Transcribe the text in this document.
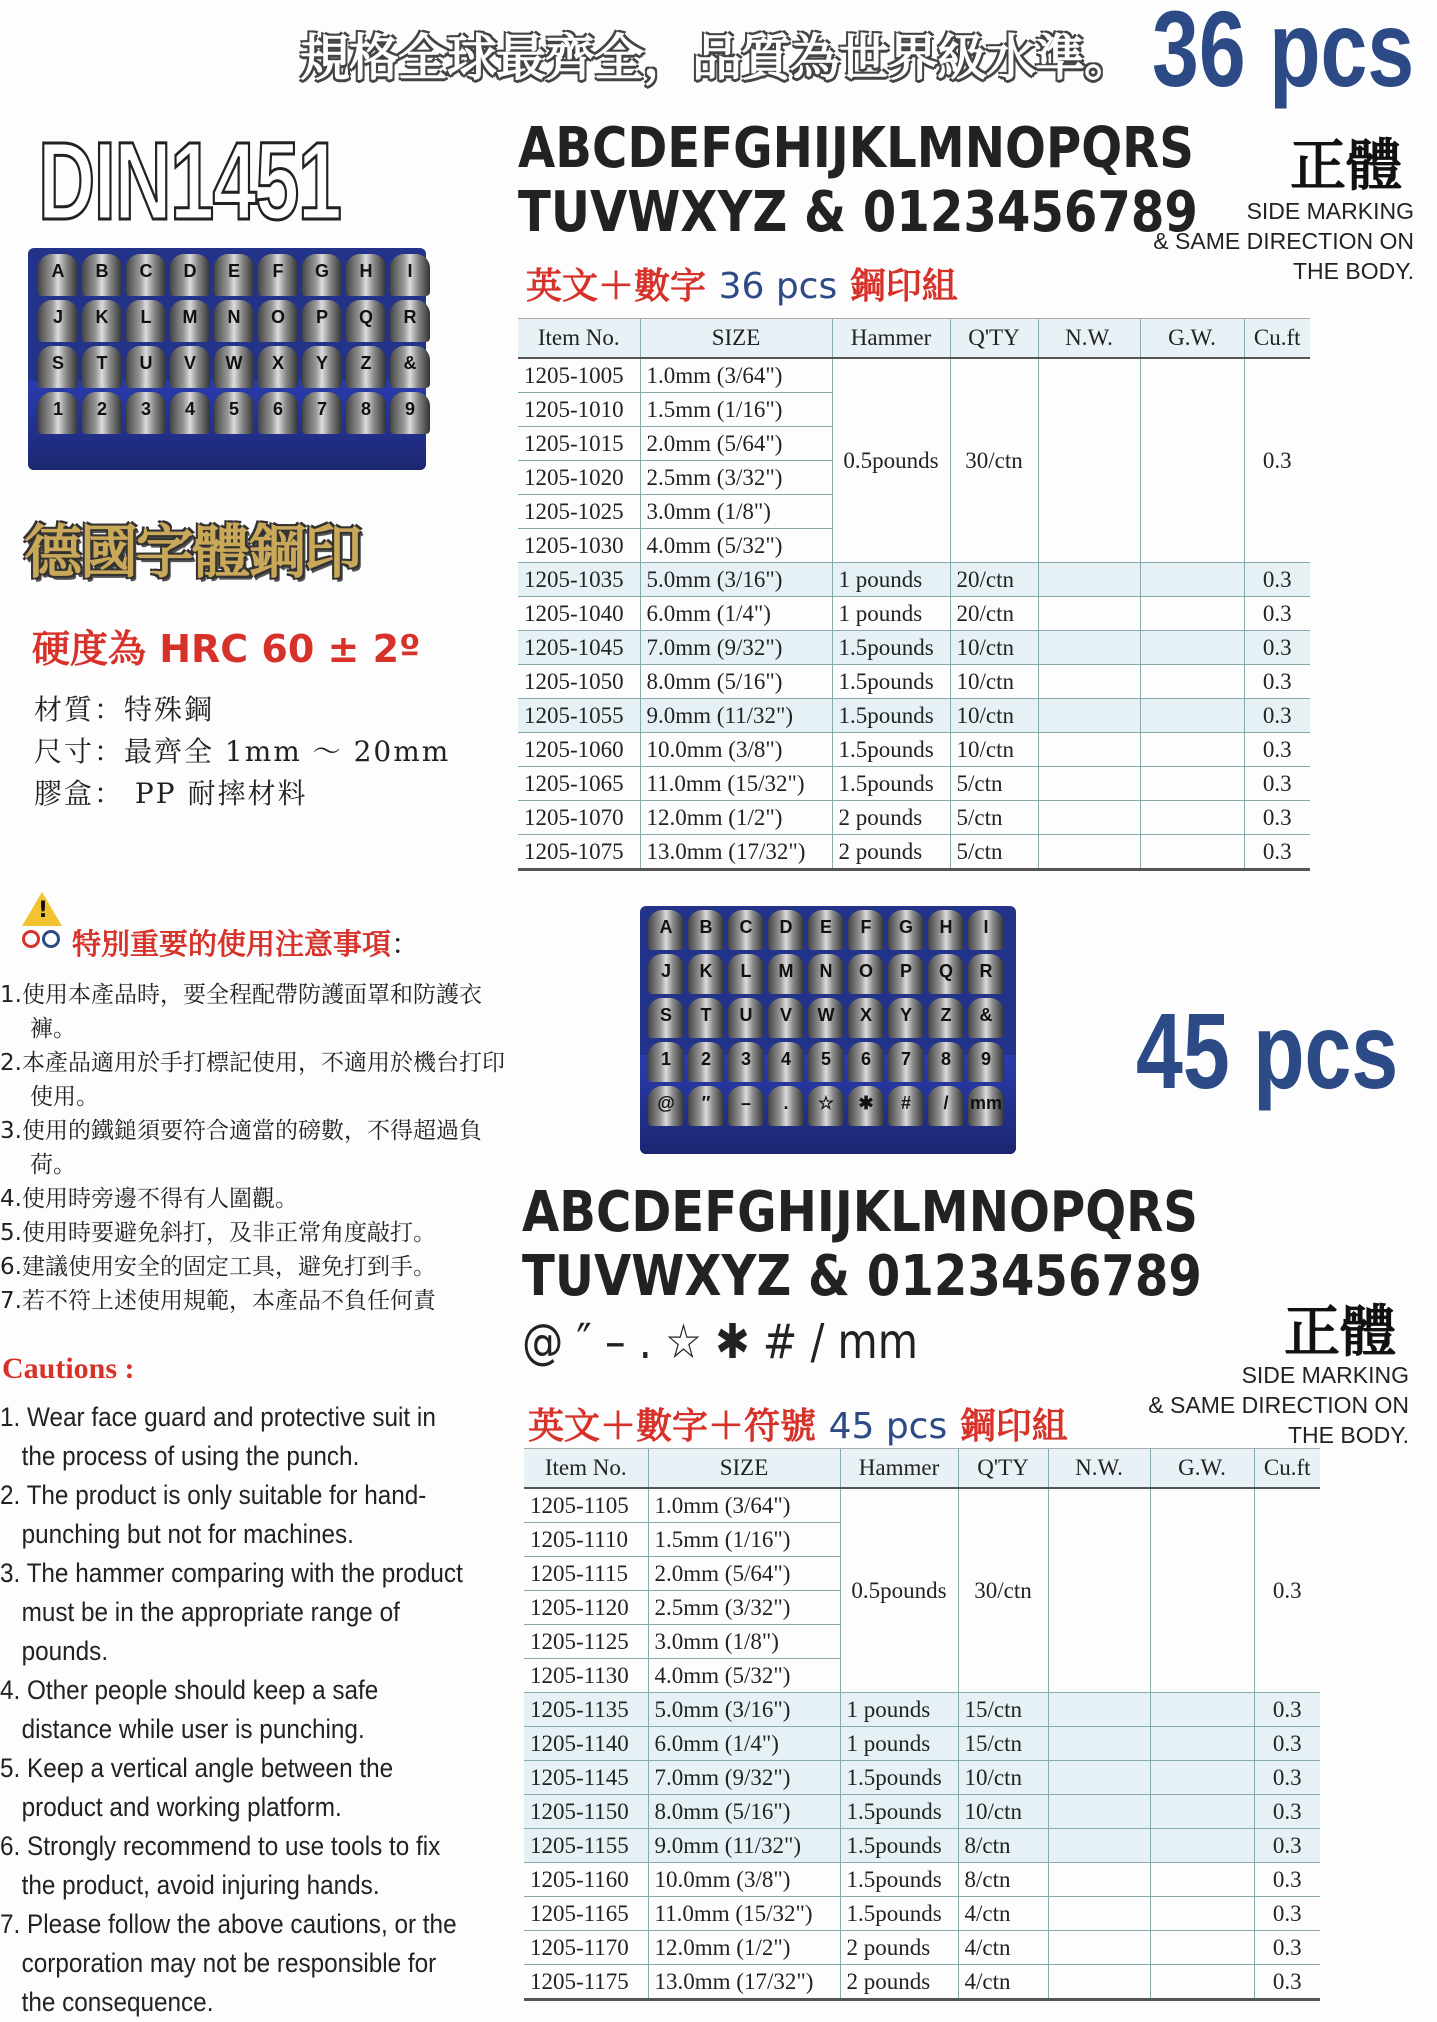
規格全球最齊全，品質為世界級水準。 36 pcs
DIN1451
A	B	C	D	E	F	G	H	I
J	K	L	M	N	O	P	Q	R
S	T	U	V	W	X	Y	Z	&
1	2	3	4	5	6	7	8	9
德國字體鋼印
硬度為 HRC 60 ± 2º
材質：特殊鋼
尺寸：最齊全 1mm ～ 20mm
膠盒： PP 耐摔材料
!
特別重要的使用注意事項：
1.使用本產品時，要全程配帶防護面罩和防護衣褲。
2.本產品適用於手打標記使用，不適用於機台打印使用。
3.使用的鐵鎚須要符合適當的磅數，不得超過負荷。
4.使用時旁邊不得有人圍觀。
5.使用時要避免斜打，及非正常角度敲打。
6.建議使用安全的固定工具，避免打到手。
7.若不符上述使用規範，本產品不負任何責
Cautions :
1. Wear face guard and protective suit in the process of using the punch.
2. The product is only suitable for hand-punching but not for machines.
3. The hammer comparing with the product must be in the appropriate range of pounds.
4. Other people should keep a safe distance while user is punching.
5. Keep a vertical angle between the product and working platform.
6. Strongly recommend to use tools to fix the product, avoid injuring hands.
7. Please follow the above cautions, or the corporation may not be responsible for the consequence.
ABCDEFGHIJKLMNOPQRS
TUVWXYZ & 0123456789
正體
SIDE MARKING
& SAME DIRECTION ON
THE BODY.
英文＋數字 36 pcs 鋼印組
Item No.	SIZE	Hammer	Q'TY	N.W.	G.W.	Cu.ft
1205-1005	1.0mm (3/64")	0.5pounds	30/ctn			0.3
1205-1010	1.5mm (1/16")					
1205-1015	2.0mm (5/64")					
1205-1020	2.5mm (3/32")					
1205-1025	3.0mm (1/8")					
1205-1030	4.0mm (5/32")					
1205-1035	5.0mm (3/16")	1 pounds	20/ctn			0.3
1205-1040	6.0mm (1/4")	1 pounds	20/ctn			0.3
1205-1045	7.0mm (9/32")	1.5pounds	10/ctn			0.3
1205-1050	8.0mm (5/16")	1.5pounds	10/ctn			0.3
1205-1055	9.0mm (11/32")	1.5pounds	10/ctn			0.3
1205-1060	10.0mm (3/8")	1.5pounds	10/ctn			0.3
1205-1065	11.0mm (15/32")	1.5pounds	5/ctn			0.3
1205-1070	12.0mm (1/2")	2 pounds	5/ctn			0.3
1205-1075	13.0mm (17/32")	2 pounds	5/ctn			0.3
A	B	C	D	E	F	G	H	I
J	K	L	M	N	O	P	Q	R
S	T	U	V	W	X	Y	Z	&
1	2	3	4	5	6	7	8	9
@	″	–	.	☆	✱	#	/	mm 45 pcs
ABCDEFGHIJKLMNOPQRS
TUVWXYZ & 0123456789
@ ″ – . ☆ ✱ # / mm	正體
SIDE MARKING
& SAME DIRECTION ON
THE BODY.
英文＋數字＋符號 45 pcs 鋼印組
Item No.	SIZE	Hammer	Q'TY	N.W.	G.W.	Cu.ft
1205-1105	1.0mm (3/64")	0.5pounds	30/ctn			0.3
1205-1110	1.5mm (1/16")					
1205-1115	2.0mm (5/64")					
1205-1120	2.5mm (3/32")					
1205-1125	3.0mm (1/8")					
1205-1130	4.0mm (5/32")					
1205-1135	5.0mm (3/16")	1 pounds	15/ctn			0.3
1205-1140	6.0mm (1/4")	1 pounds	15/ctn			0.3
1205-1145	7.0mm (9/32")	1.5pounds	10/ctn			0.3
1205-1150	8.0mm (5/16")	1.5pounds	10/ctn			0.3
1205-1155	9.0mm (11/32")	1.5pounds	8/ctn			0.3
1205-1160	10.0mm (3/8")	1.5pounds	8/ctn			0.3
1205-1165	11.0mm (15/32")	1.5pounds	4/ctn			0.3
1205-1170	12.0mm (1/2")	2 pounds	4/ctn			0.3
1205-1175	13.0mm (17/32")	2 pounds	4/ctn			0.3
